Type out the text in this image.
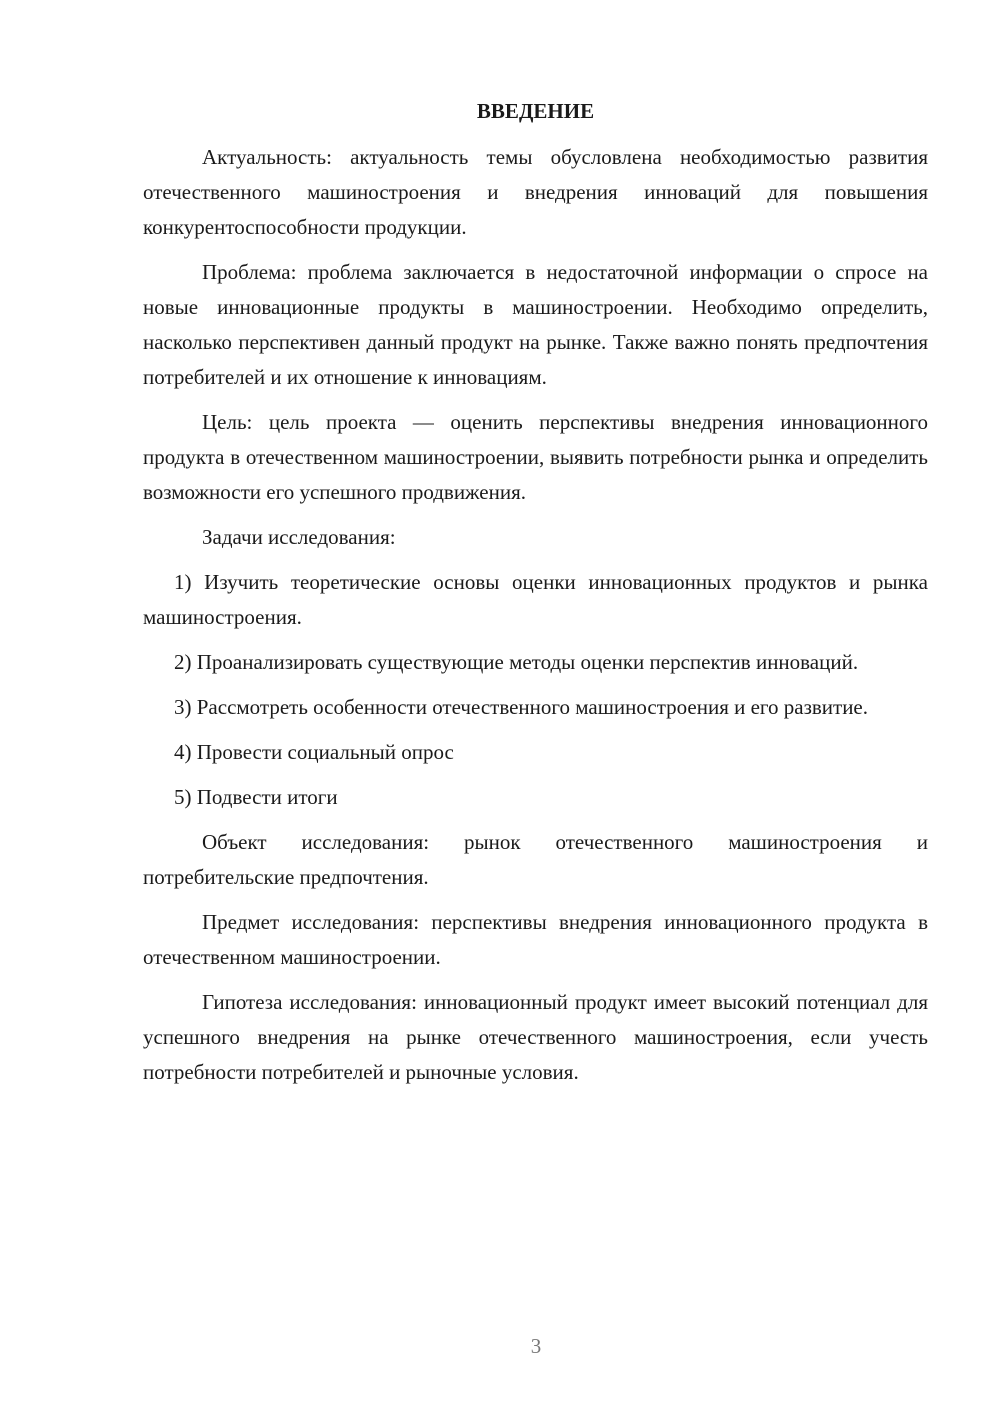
ВВЕДЕНИЕ

Актуальность: актуальность темы обусловлена необходимостью развития отечественного машиностроения и внедрения инноваций для повышения конкурентоспособности продукции.

Проблема: проблема заключается в недостаточной информации о спросе на новые инновационные продукты в машиностроении. Необходимо определить, насколько перспективен данный продукт на рынке. Также важно понять предпочтения потребителей и их отношение к инновациям.

Цель: цель проекта — оценить перспективы внедрения инновационного продукта в отечественном машиностроении, выявить потребности рынка и определить возможности его успешного продвижения.

Задачи исследования:

1) Изучить теоретические основы оценки инновационных продуктов и рынка машиностроения.

2) Проанализировать существующие методы оценки перспектив инноваций.

3) Рассмотреть особенности отечественного машиностроения и его развитие.

4) Провести социальный опрос

5) Подвести итоги

Объект исследования: рынок отечественного машиностроения и потребительские предпочтения.

Предмет исследования: перспективы внедрения инновационного продукта в отечественном машиностроении.

Гипотеза исследования: инновационный продукт имеет высокий потенциал для успешного внедрения на рынке отечественного машиностроения, если учесть потребности потребителей и рыночные условия.

3
